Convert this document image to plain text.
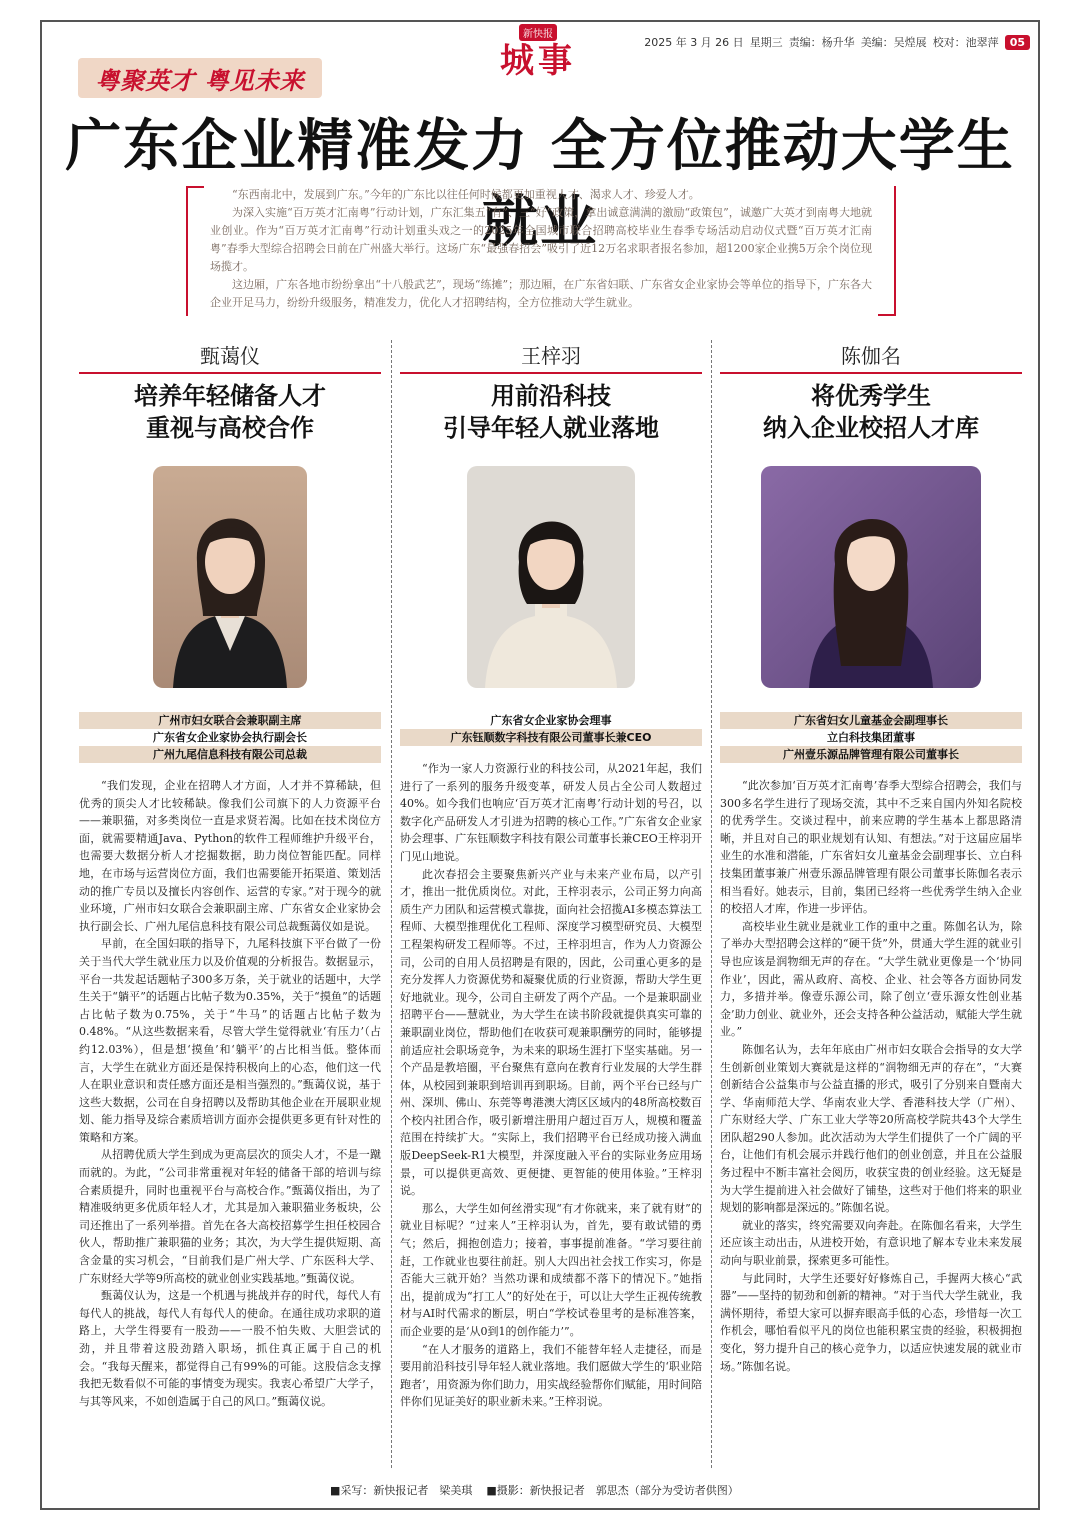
2025 年 3 月 26 日 星期三 责编：杨升华 美编：吴煌展 校对：池翠萍	05
新快报
城事
粤聚英才 粤见未来
广东企业精准发力 全方位推动大学生就业

“东西南北中，发展到广东。”今年的广东比以往任何时候都更加重视人才、渴求人才、珍爱人才。

为深入实施“百万英才汇南粤”行动计划，广东汇集五“有”、三“好”政策，拿出诚意满满的激励“政策包”，诚邀广大英才到南粤大地就业创业。作为“百万英才汇南粤”行动计划重头戏之一的2025年全国城市联合招聘高校毕业生春季专场活动启动仪式暨“百万英才汇南粤”春季大型综合招聘会日前在广州盛大举行。这场广东“最强春招会”吸引了近12万名求职者报名参加，超1200家企业携5万余个岗位现场揽才。

这边厢，广东各地市纷纷拿出“十八般武艺”，现场“练摊”；那边厢，在广东省妇联、广东省女企业家协会等单位的指导下，广东各大企业开足马力，纷纷升级服务，精准发力，优化人才招聘结构，全方位推动大学生就业。

甄蔼仪
培养年轻储备人才
重视与高校合作
广州市妇女联合会兼职副主席
广东省女企业家协会执行副会长
广州九尾信息科技有限公司总裁

“我们发现，企业在招聘人才方面，人才并不算稀缺，但优秀的顶尖人才比较稀缺。像我们公司旗下的人力资源平台——兼职猫，对多类岗位一直是求贤若渴。比如在技术岗位方面，就需要精通Java、Python的软件工程师维护升级平台，也需要大数据分析人才挖掘数据，助力岗位智能匹配。同样地，在市场与运营岗位方面，我们也需要能开拓渠道、策划活动的推广专员以及擅长内容创作、运营的专家。”对于现今的就业环境，广州市妇女联合会兼职副主席、广东省女企业家协会执行副会长、广州九尾信息科技有限公司总裁甄蔼仪如是说。

早前，在全国妇联的指导下，九尾科技旗下平台做了一份关于当代大学生就业压力以及价值观的分析报告。数据显示，平台一共发起话题帖子300多万条，关于就业的话题中，大学生关于“躺平”的话题占比帖子数为0.35%，关于“摸鱼”的话题占比帖子数为0.75%，关于“牛马”的话题占比帖子数为0.48%。“从这些数据来看，尽管大学生觉得就业‘有压力’（占约12.03%），但是想‘摸鱼’和‘躺平’的占比相当低。整体而言，大学生在就业方面还是保持积极向上的心态，他们这一代人在职业意识和责任感方面还是相当强烈的。”甄蔼仪说，基于这些大数据，公司在自身招聘以及帮助其他企业在开展职业规划、能力指导及综合素质培训方面亦会提供更多更有针对性的策略和方案。

从招聘优质大学生到成为更高层次的顶尖人才，不是一蹴而就的。为此，“公司非常重视对年轻的储备干部的培训与综合素质提升，同时也重视平台与高校合作。”甄蔼仪指出，为了精准吸纳更多优质年轻人才，尤其是加入兼职猫业务板块，公司还推出了一系列举措。首先在各大高校招募学生担任校园合伙人，帮助推广兼职猫的业务；其次，为大学生提供短期、高含金量的实习机会，“目前我们是广州大学、广东医科大学、广东财经大学等9所高校的就业创业实践基地。”甄蔼仪说。

甄蔼仪认为，这是一个机遇与挑战并存的时代，每代人有每代人的挑战，每代人有每代人的使命。在通往成功求职的道路上，大学生得要有一股劲——一股不怕失败、大胆尝试的劲，并且带着这股劲踏入职场，抓住真正属于自己的机会。“我每天醒来，都觉得自己有99%的可能。这股信念支撑我把无数看似不可能的事情变为现实。我衷心希望广大学子，与其等风来，不如创造属于自己的风口。”甄蔼仪说。

王梓羽
用前沿科技
引导年轻人就业落地
广东省女企业家协会理事
广东钰顺数字科技有限公司董事长兼CEO

“作为一家人力资源行业的科技公司，从2021年起，我们进行了一系列的服务升级变革，研发人员占全公司人数超过40%。如今我们也响应‘百万英才汇南粤’行动计划的号召，以数字化产品研发人才引进为招聘的核心工作。”广东省女企业家协会理事、广东钰顺数字科技有限公司董事长兼CEO王梓羽开门见山地说。

此次春招会主要聚焦新兴产业与未来产业布局，以产引才，推出一批优质岗位。对此，王梓羽表示，公司正努力向高质生产力团队和运营模式靠拢，面向社会招揽AI多模态算法工程师、大模型推理优化工程师、深度学习模型研究员、大模型工程架构研发工程师等。不过，王梓羽坦言，作为人力资源公司，公司的自用人员招聘是有限的，因此，公司重心更多的是充分发挥人力资源优势和凝聚优质的行业资源，帮助大学生更好地就业。现今，公司自主研发了两个产品。一个是兼职副业招聘平台——慧就业，为大学生在读书阶段就提供真实可靠的兼职副业岗位，帮助他们在收获可观兼职酬劳的同时，能够提前适应社会职场竞争，为未来的职场生涯打下坚实基础。另一个产品是教培圈，平台聚焦有意向在教育行业发展的大学生群体，从校园到兼职到培训再到职场。目前，两个平台已经与广州、深圳、佛山、东莞等粤港澳大湾区区域内的48所高校数百个校内社团合作，吸引新增注册用户超过百万人，规模和覆盖范围在持续扩大。“实际上，我们招聘平台已经成功接入满血版DeepSeek-R1大模型，并深度融入平台的实际业务应用场景，可以提供更高效、更便捷、更智能的使用体验。”王梓羽说。

那么，大学生如何丝滑实现“有才你就来，来了就有财”的就业目标呢？“过来人”王梓羽认为，首先，要有敢试错的勇气；然后，拥抱创造力；接着，事事提前准备。“学习要往前赶，工作就业也要往前赶。别人大四出社会找工作实习，你是否能大三就开始？当然功课和成绩都不落下的情况下。”她指出，提前成为“打工人”的好处在于，可以让大学生正视传统教材与AI时代需求的断层，明白“学校试卷里考的是标准答案，而企业要的是‘从0到1的创作能力’”。

“在人才服务的道路上，我们不能替年轻人走捷径，而是要用前沿科技引导年轻人就业落地。我们愿做大学生的‘职业陪跑者’，用资源为你们助力，用实战经验帮你们赋能，用时间陪伴你们见证美好的职业新未来。”王梓羽说。

陈伽名
将优秀学生
纳入企业校招人才库
广东省妇女儿童基金会副理事长
立白科技集团董事
广州壹乐源品牌管理有限公司董事长

“此次参加‘百万英才汇南粤’春季大型综合招聘会，我们与300多名学生进行了现场交流，其中不乏来自国内外知名院校的优秀学生。交谈过程中，前来应聘的学生基本上都思路清晰，并且对自己的职业规划有认知、有想法。”对于这届应届毕业生的水准和潜能，广东省妇女儿童基金会副理事长、立白科技集团董事兼广州壹乐源品牌管理有限公司董事长陈伽名表示相当看好。她表示，目前，集团已经将一些优秀学生纳入企业的校招人才库，作进一步评估。

高校毕业生就业是就业工作的重中之重。陈伽名认为，除了举办大型招聘会这样的“硬干货”外，贯通大学生涯的就业引导也应该是润物细无声的存在。“大学生就业更像是一个‘协同作业’，因此，需从政府、高校、企业、社会等各方面协同发力，多措并举。像壹乐源公司，除了创立‘壹乐源女性创业基金’助力创业、就业外，还会支持各种公益活动，赋能大学生就业。”

陈伽名认为，去年年底由广州市妇女联合会指导的女大学生创新创业策划大赛就是这样的“润物细无声的存在”，“大赛创新结合公益集市与公益直播的形式，吸引了分别来自暨南大学、华南师范大学、华南农业大学、香港科技大学（广州）、广东财经大学、广东工业大学等20所高校学院共43个大学生团队超290人参加。此次活动为大学生们提供了一个广阔的平台，让他们有机会展示并践行他们的创业创意，并且在公益服务过程中不断丰富社会阅历，收获宝贵的创业经验。这无疑是为大学生提前进入社会做好了铺垫，这些对于他们将来的职业规划的影响都是深远的。”陈伽名说。

就业的落实，终究需要双向奔赴。在陈伽名看来，大学生还应该主动出击，从进校开始，有意识地了解本专业未来发展动向与职业前景，探索更多可能性。

与此同时，大学生还要好好修炼自己，手握两大核心“武器”——坚持的韧劲和创新的精神。“对于当代大学生就业，我满怀期待，希望大家可以摒弃眼高手低的心态，珍惜每一次工作机会，哪怕看似平凡的岗位也能积累宝贵的经验，积极拥抱变化，努力提升自己的核心竞争力，以适应快速发展的就业市场。”陈伽名说。

■采写：新快报记者　梁美琪 ■摄影：新快报记者　郭思杰（部分为受访者供图）
